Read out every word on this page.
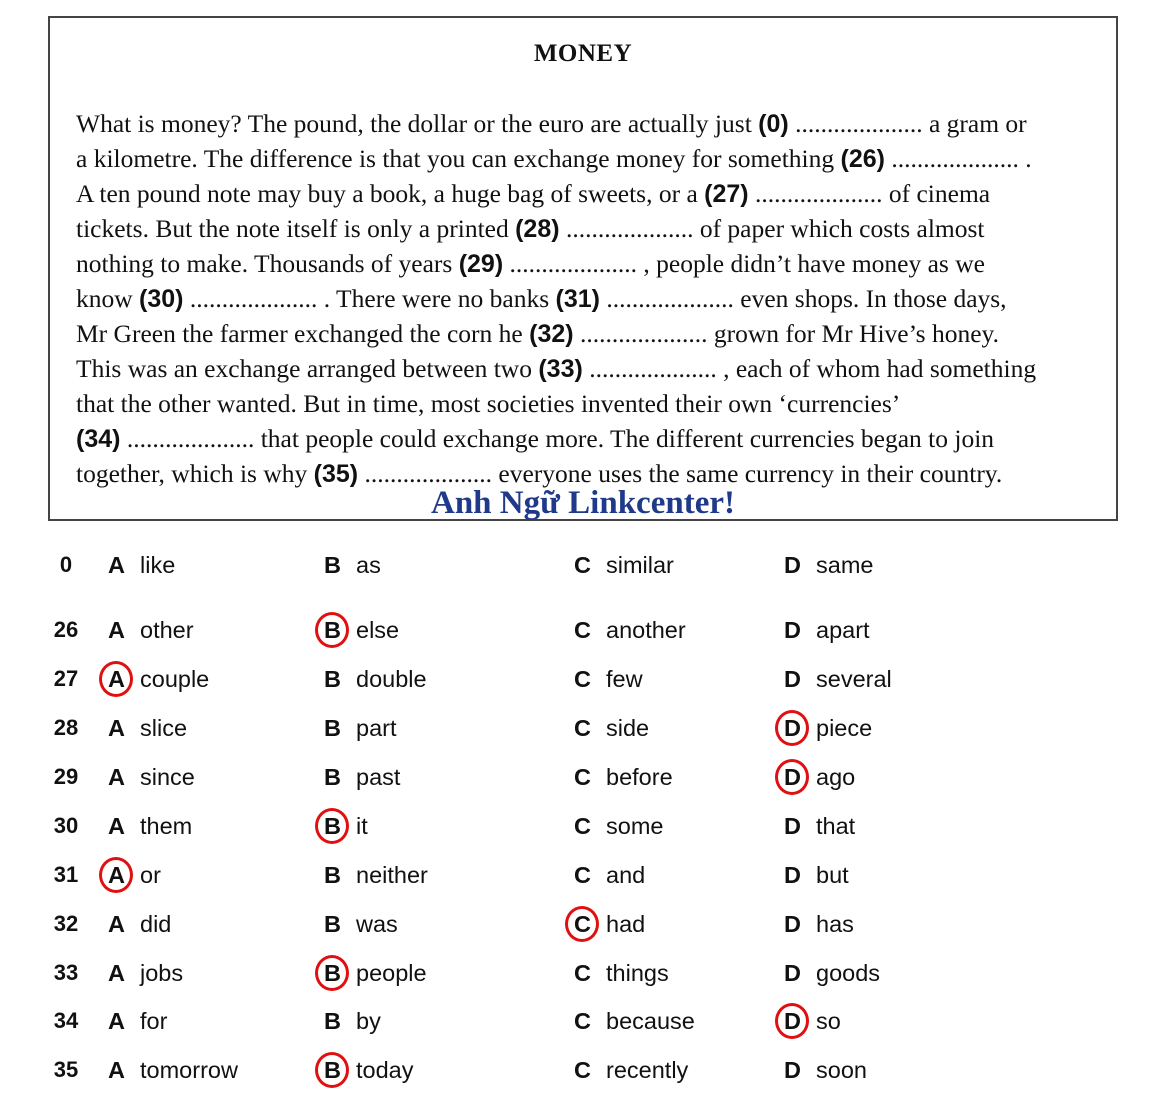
MONEY
What is money? The pound, the dollar or the euro are actually just (0) .................... a gram or
a kilometre. The difference is that you can exchange money for something (26) .................... .
A ten pound note may buy a book, a huge bag of sweets, or a (27) .................... of cinema
tickets. But the note itself is only a printed (28) .................... of paper which costs almost
nothing to make. Thousands of years (29) .................... , people didn’t have money as we
know (30) .................... . There were no banks (31) .................... even shops. In those days,
Mr Green the farmer exchanged the corn he (32) .................... grown for Mr Hive’s honey.
This was an exchange arranged between two (33) .................... , each of whom had something
that the other wanted. But in time, most societies invented their own ‘currencies’
(34) .................... that people could exchange more. The different currencies began to join
together, which is why (35) .................... everyone uses the same currency in their country.
Anh Ngữ Linkcenter!
0	A like	B as	C similar	D same
26	A other	B else	C another	D apart
27	A couple	B double	C few	D several
28	A slice	B part	C side	D piece
29	A since	B past	C before	D ago
30	A them	B it	C some	D that
31	A or	B neither	C and	D but
32	A did	B was	C had	D has
33	A jobs	B people	C things	D goods
34	A for	B by	C because	D so
35	A tomorrow	B today	C recently	D soon
